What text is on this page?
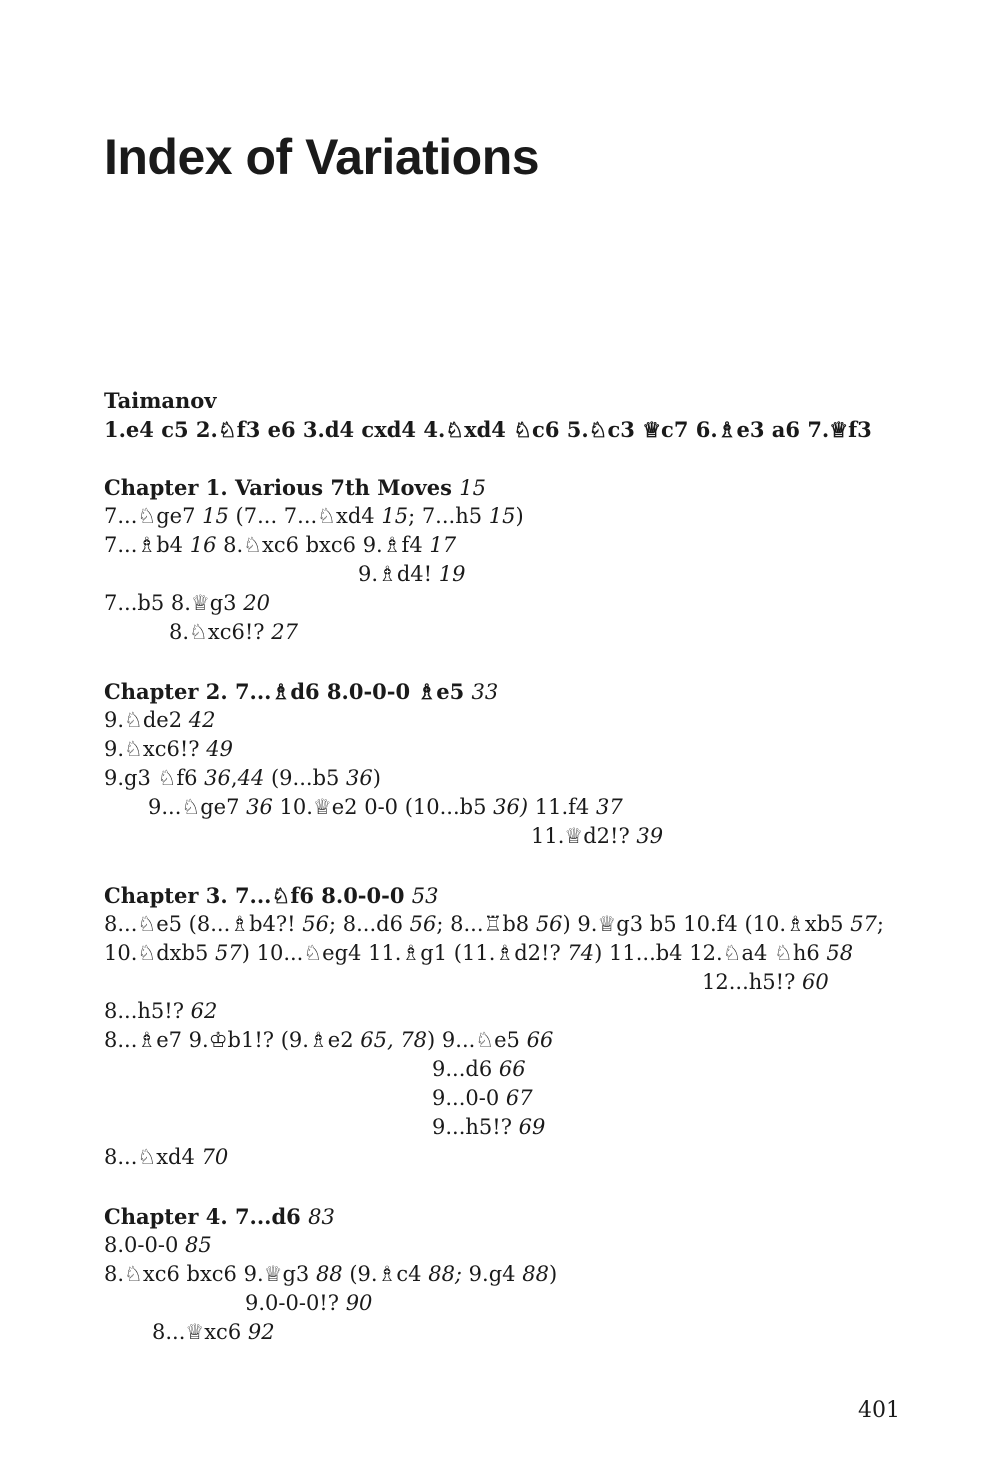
Index of Variations
Taimanov
1.e4 c5 2.♘f3 e6 3.d4 cxd4 4.♘xd4 ♘c6 5.♘c3 ♕c7 6.♗e3 a6 7.♕f3
Chapter 1. Various 7th Moves 15
7...♘ge7 15 (7... 7...♘xd4 15; 7...h5 15)
7...♗b4 16 8.♘xc6 bxc6 9.♗f4 17
9.♗d4! 19
7...b5 8.♕g3 20
8.♘xc6!? 27
Chapter 2. 7...♗d6 8.0-0-0 ♗e5 33
9.♘de2 42
9.♘xc6!? 49
9.g3 ♘f6 36,44 (9...b5 36)
9...♘ge7 36 10.♕e2 0-0 (10...b5 36) 11.f4 37
11.♕d2!? 39
Chapter 3. 7...♘f6 8.0-0-0 53
8...♘e5 (8...♗b4?! 56; 8...d6 56; 8...♖b8 56) 9.♕g3 b5 10.f4 (10.♗xb5 57;
10.♘dxb5 57) 10...♘eg4 11.♗g1 (11.♗d2!? 74) 11...b4 12.♘a4 ♘h6 58
12...h5!? 60
8...h5!? 62
8...♗e7 9.♔b1!? (9.♗e2 65, 78) 9...♘e5 66
9...d6 66
9...0-0 67
9...h5!? 69
8...♘xd4 70
Chapter 4. 7...d6 83
8.0-0-0 85
8.♘xc6 bxc6 9.♕g3 88 (9.♗c4 88; 9.g4 88)
9.0-0-0!? 90
8...♕xc6 92
401
